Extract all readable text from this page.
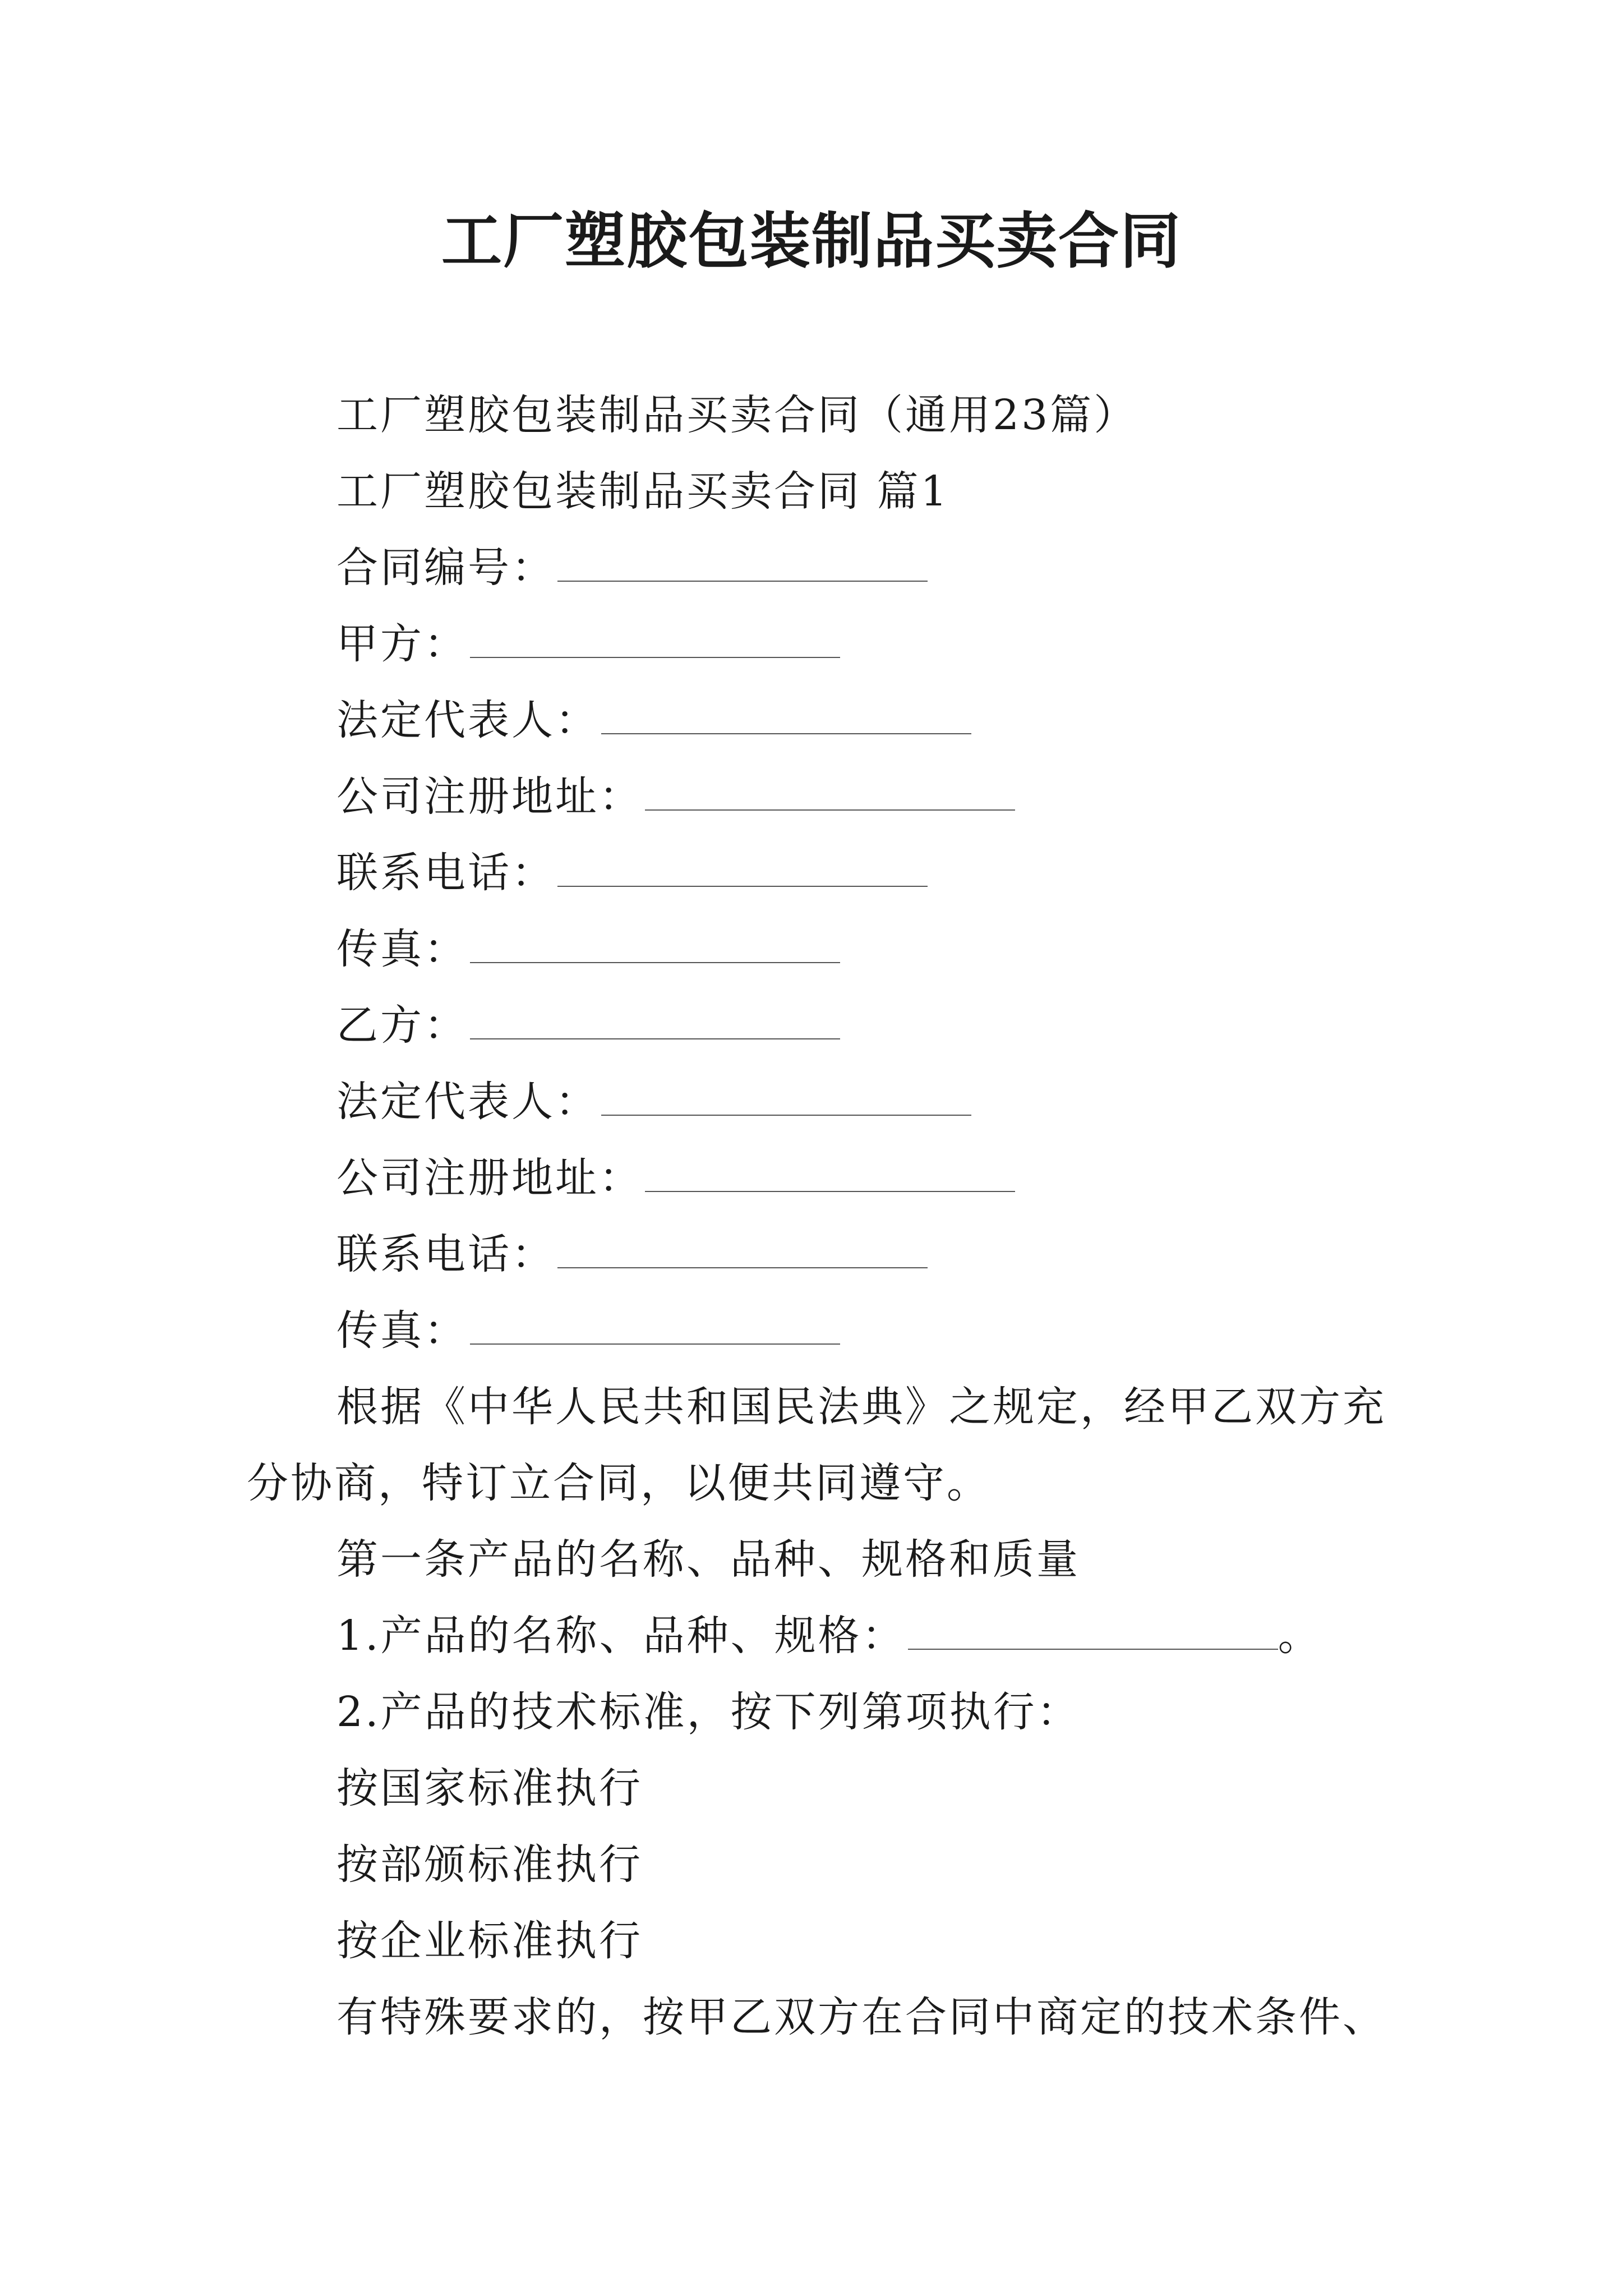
工厂塑胶包装制品买卖合同
工厂塑胶包装制品买卖合同（通用23篇）
工厂塑胶包装制品买卖合同 篇1
合同编号：
甲方：
法定代表人：
公司注册地址：
联系电话：
传真：
乙方：
法定代表人：
公司注册地址：
联系电话：
传真：
根据《中华人民共和国民法典》之规定，经甲乙双方充
分协商，特订立合同，以便共同遵守。
第一条产品的名称、品种、规格和质量
1.产品的名称、品种、规格：	。
2.产品的技术标准，按下列第项执行：
按国家标准执行
按部颁标准执行
按企业标准执行
有特殊要求的，按甲乙双方在合同中商定的技术条件、
